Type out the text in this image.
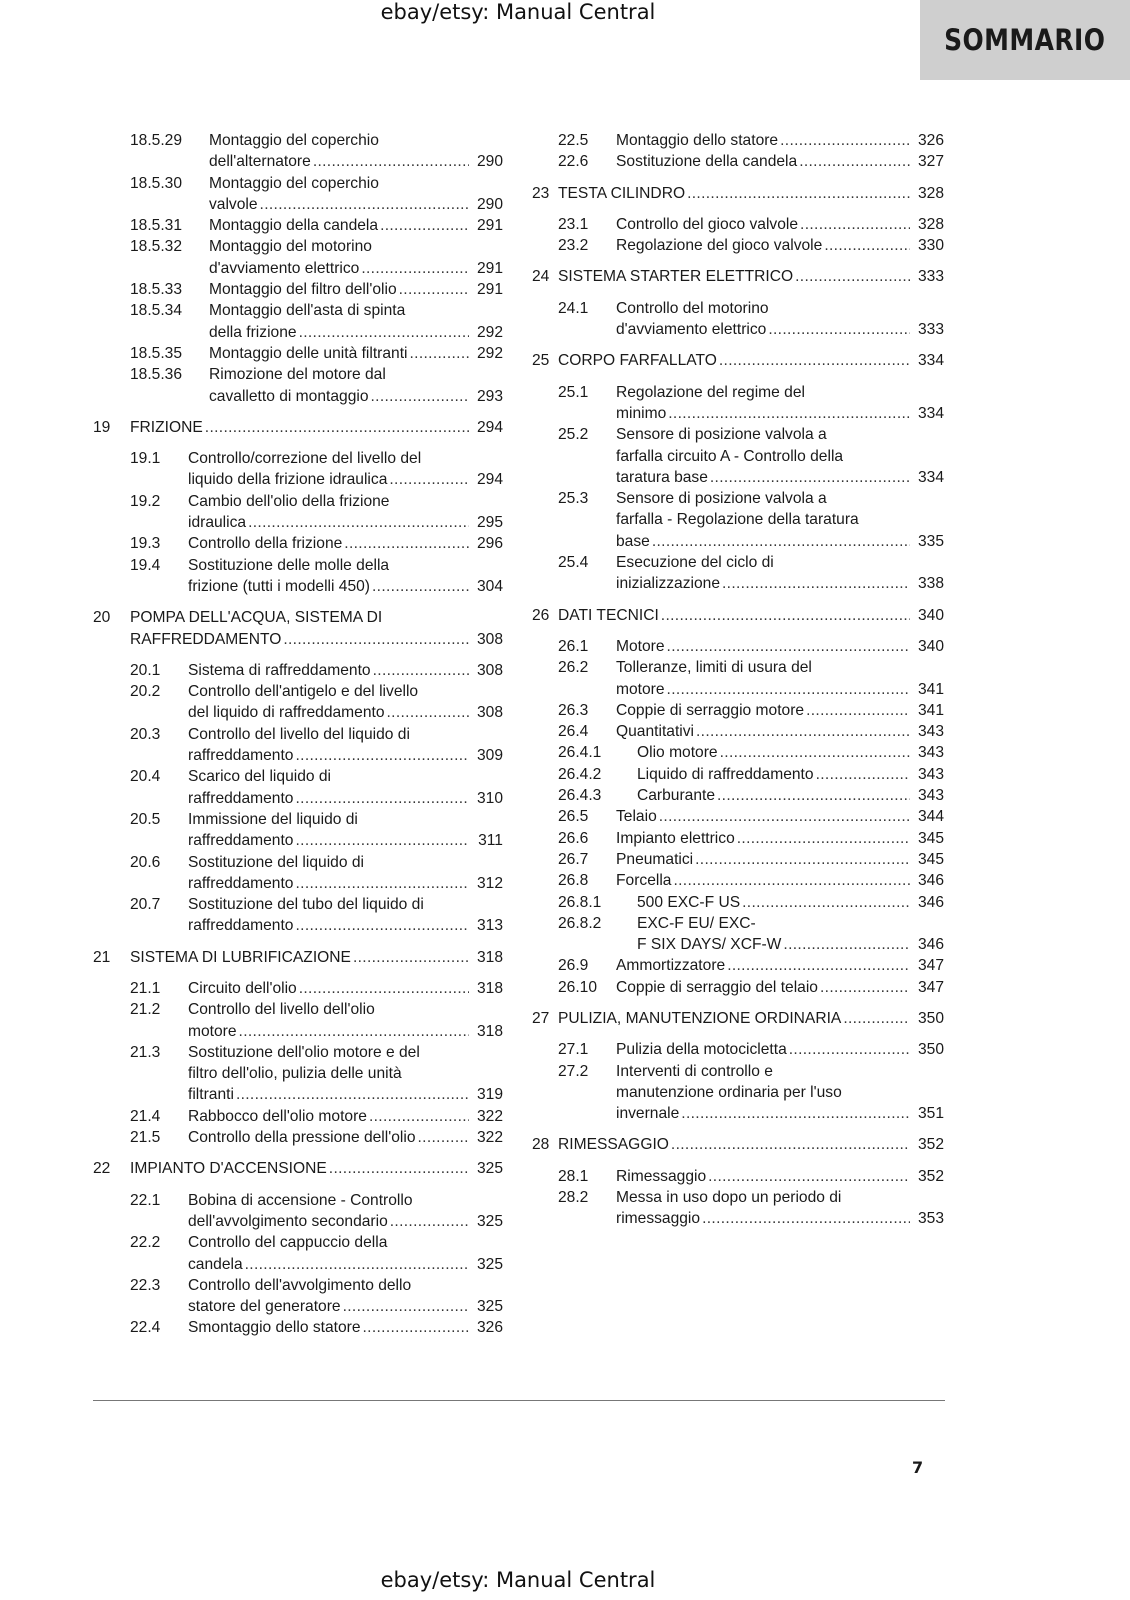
ebay/etsy: Manual Central
SOMMARIO
18.5.29	Montaggio del coperchio
dell'alternatore . . .	290
18.5.30	Montaggio del coperchio
valvole . . .	290
18.5.31	Montaggio della candela . . .	291
18.5.32	Montaggio del motorino
d'avviamento elettrico . . .	291
18.5.33	Montaggio del filtro dell'olio . . .	291
18.5.34	Montaggio dell'asta di spinta
della frizione . . .	292
18.5.35	Montaggio delle unità filtranti . . .	292
18.5.36	Rimozione del motore dal
cavalletto di montaggio . . .	293
19	FRIZIONE . . .	294
19.1	Controllo/correzione del livello del
liquido della frizione idraulica . . .	294
19.2	Cambio dell'olio della frizione
idraulica . . .	295
19.3	Controllo della frizione . . .	296
19.4	Sostituzione delle molle della
frizione (tutti i modelli 450) . . .	304
20	POMPA DELL'ACQUA, SISTEMA DI
RAFFREDDAMENTO . . .	308
20.1	Sistema di raffreddamento . . .	308
20.2	Controllo dell'antigelo e del livello
del liquido di raffreddamento . . .	308
20.3	Controllo del livello del liquido di
raffreddamento . . .	309
20.4	Scarico del liquido di
raffreddamento . . .	310
20.5	Immissione del liquido di
raffreddamento . . .	311
20.6	Sostituzione del liquido di
raffreddamento . . .	312
20.7	Sostituzione del tubo del liquido di
raffreddamento . . .	313
21	SISTEMA DI LUBRIFICAZIONE . . .	318
21.1	Circuito dell'olio . . .	318
21.2	Controllo del livello dell'olio
motore . . .	318
21.3	Sostituzione dell'olio motore e del
filtro dell'olio, pulizia delle unità
filtranti . . .	319
21.4	Rabbocco dell'olio motore . . .	322
21.5	Controllo della pressione dell'olio . . .	322
22	IMPIANTO D'ACCENSIONE . . .	325
22.1	Bobina di accensione - Controllo
dell'avvolgimento secondario . . .	325
22.2	Controllo del cappuccio della
candela . . .	325
22.3	Controllo dell'avvolgimento dello
statore del generatore . . .	325
22.4	Smontaggio dello statore . . .	326
22.5	Montaggio dello statore . . .	326
22.6	Sostituzione della candela . . .	327
23 TESTA CILINDRO . . .	328
23.1	Controllo del gioco valvole . . .	328
23.2	Regolazione del gioco valvole . . .	330
24 SISTEMA STARTER ELETTRICO . . .	333
24.1	Controllo del motorino
d'avviamento elettrico . . .	333
25 CORPO FARFALLATO . . .	334
25.1	Regolazione del regime del
minimo . . .	334
25.2	Sensore di posizione valvola a
farfalla circuito A - Controllo della
taratura base . . .	334
25.3	Sensore di posizione valvola a
farfalla - Regolazione della taratura
base . . .	335
25.4	Esecuzione del ciclo di
inizializzazione . . .	338
26 DATI TECNICI . . .	340
26.1	Motore . . .	340
26.2	Tolleranze, limiti di usura del
motore . . .	341
26.3	Coppie di serraggio motore . . .	341
26.4	Quantitativi . . .	343
26.4.1	Olio motore . . .	343
26.4.2	Liquido di raffreddamento . . .	343
26.4.3	Carburante . . .	343
26.5	Telaio . . .	344
26.6	Impianto elettrico . . .	345
26.7	Pneumatici . . .	345
26.8	Forcella . . .	346
26.8.1	500 EXC-F US . . .	346
26.8.2	EXC-F EU/ EXC-
F SIX DAYS/ XCF-W . . .	346
26.9	Ammortizzatore . . .	347
26.10	Coppie di serraggio del telaio . . .	347
27 PULIZIA, MANUTENZIONE ORDINARIA . . .	350
27.1	Pulizia della motocicletta . . .	350
27.2	Interventi di controllo e
manutenzione ordinaria per l'uso
invernale . . .	351
28 RIMESSAGGIO . . .	352
28.1	Rimessaggio . . .	352
28.2	Messa in uso dopo un periodo di
rimessaggio . . .	353
7
ebay/etsy: Manual Central
